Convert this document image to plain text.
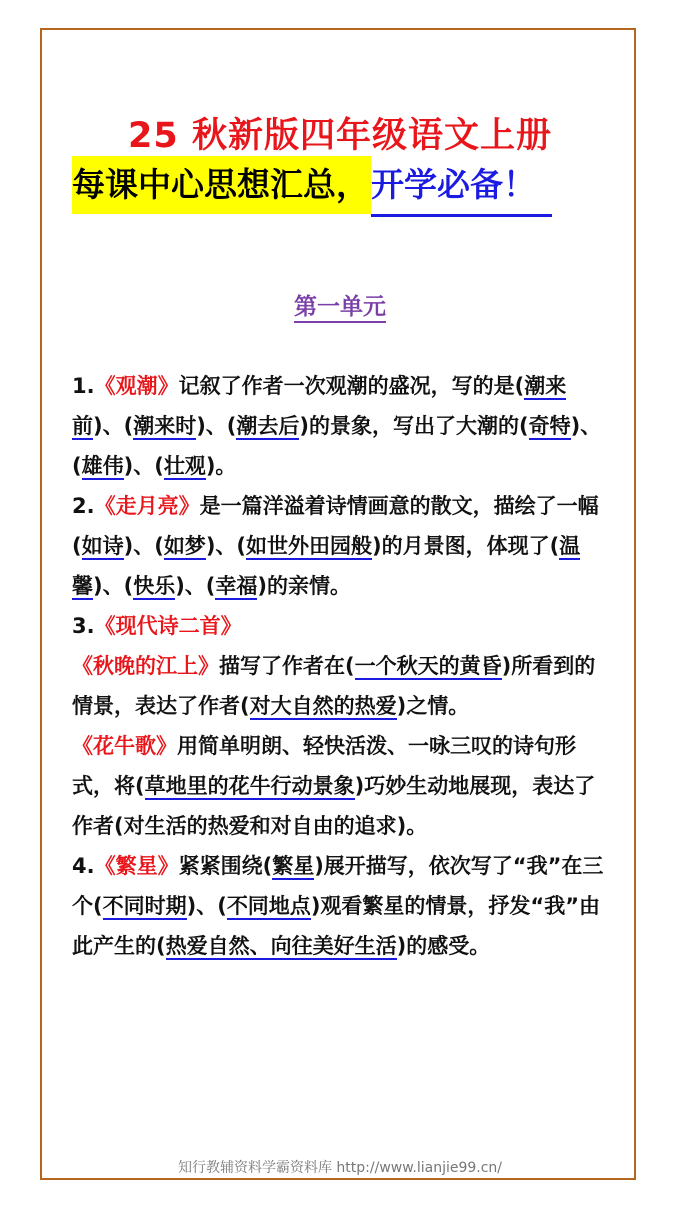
25 秋新版四年级语文上册
每课中心思想汇总，开学必备！
第一单元

1.《观潮》记叙了作者一次观潮的盛况，写的是(潮来前)、(潮来时)、(潮去后)的景象，写出了大潮的(奇特)、(雄伟)、(壮观)。

2.《走月亮》是一篇洋溢着诗情画意的散文，描绘了一幅(如诗)、(如梦)、(如世外田园般)的月景图，体现了(温馨)、(快乐)、(幸福)的亲情。

3.《现代诗二首》

《秋晚的江上》描写了作者在(一个秋天的黄昏)所看到的情景，表达了作者(对大自然的热爱)之情。

《花牛歌》用简单明朗、轻快活泼、一咏三叹的诗句形式，将(草地里的花牛行动景象)巧妙生动地展现，表达了作者(对生活的热爱和对自由的追求)。

4.《繁星》紧紧围绕(繁星)展开描写，依次写了“我”在三个(不同时期)、(不同地点)观看繁星的情景，抒发“我”由此产生的(热爱自然、向往美好生活)的感受。

知行教辅资料学霸资料库 http://www.lianjie99.cn/
